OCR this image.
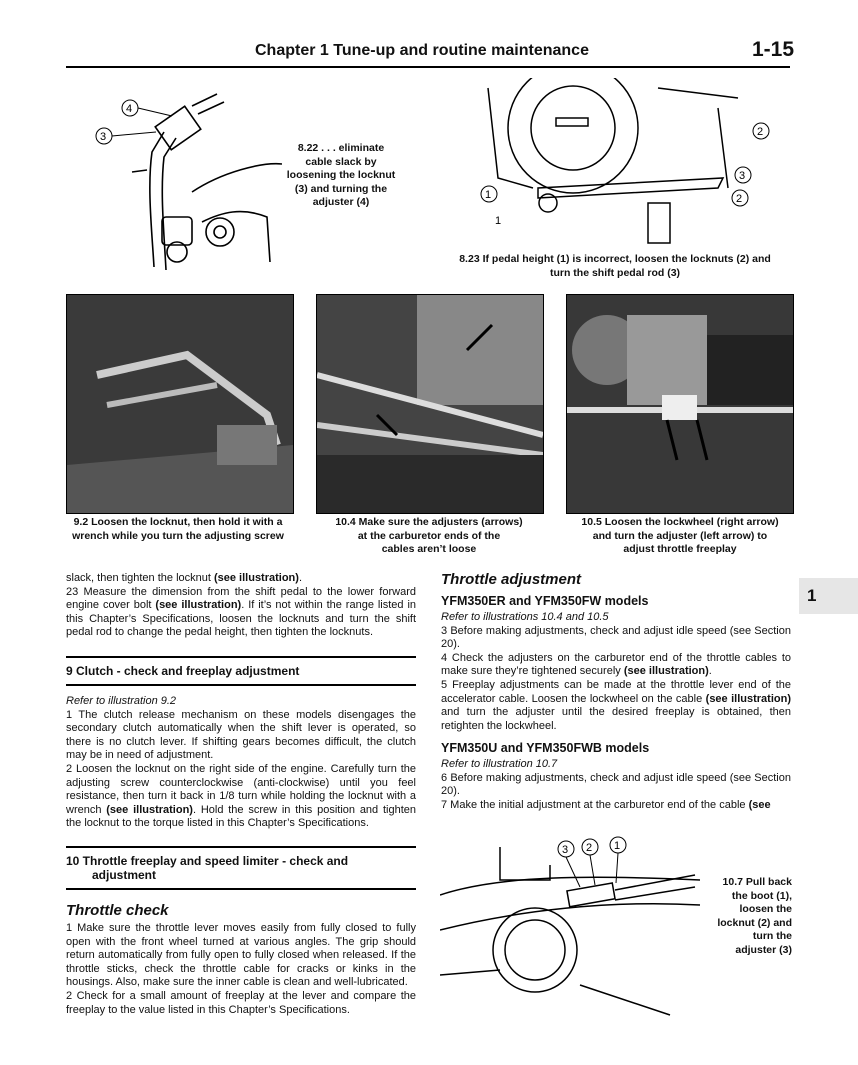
Chapter 1 Tune-up and routine maintenance	1-15
4
3
8.22 . . . eliminate
cable slack by
loosening the locknut
(3) and turning the
adjuster (4)
2
3
2
1
1
8.23 If pedal height (1) is incorrect, loosen the locknuts (2) and
turn the shift pedal rod (3)
9.2 Loosen the locknut, then hold it with a
wrench while you turn the adjusting screw
10.4 Make sure the adjusters (arrows)
at the carburetor ends of the
cables aren’t loose
10.5 Loosen the lockwheel (right arrow)
and turn the adjuster (left arrow) to
adjust throttle freeplay
1

slack, then tighten the locknut (see illustration).

23 Measure the dimension from the shift pedal to the lower forward engine cover bolt (see illustration). If it’s not within the range listed in this Chapter’s Specifications, loosen the locknuts and turn the shift pedal rod to change the pedal height, then tighten the locknuts.

9 Clutch - check and freeplay adjustment

Refer to illustration 9.2

1 The clutch release mechanism on these models disengages the secondary clutch automatically when the shift lever is operated, so there is no clutch lever. If shifting gears becomes difficult, the clutch may be in need of adjustment.

2 Loosen the locknut on the right side of the engine. Carefully turn the adjusting screw counterclockwise (anti-clockwise) until you feel resistance, then turn it back in 1/8 turn while holding the locknut with a wrench (see illustration). Hold the screw in this position and tighten the locknut to the torque listed in this Chapter’s Specifications.

10 Throttle freeplay and speed limiter - check and
adjustment
Throttle check

1 Make sure the throttle lever moves easily from fully closed to fully open with the front wheel turned at various angles. The grip should return automatically from fully open to fully closed when released. If the throttle sticks, check the throttle cable for cracks or kinks in the housings. Also, make sure the inner cable is clean and well-lubricated.

2 Check for a small amount of freeplay at the lever and compare the freeplay to the value listed in this Chapter’s Specifications.

Throttle adjustment
YFM350ER and YFM350FW models

Refer to illustrations 10.4 and 10.5

3 Before making adjustments, check and adjust idle speed (see Section 20).

4 Check the adjusters on the carburetor end of the throttle cables to make sure they’re tightened securely (see illustration).

5 Freeplay adjustments can be made at the throttle lever end of the accelerator cable. Loosen the lockwheel on the cable (see illustration) and turn the adjuster until the desired freeplay is obtained, then retighten the lockwheel.

YFM350U and YFM350FWB models

Refer to illustration 10.7

6 Before making adjustments, check and adjust idle speed (see Section 20).

7 Make the initial adjustment at the carburetor end of the cable (see

3 2 1
10.7 Pull back
the boot (1),
loosen the
locknut (2) and
turn the
adjuster (3)
